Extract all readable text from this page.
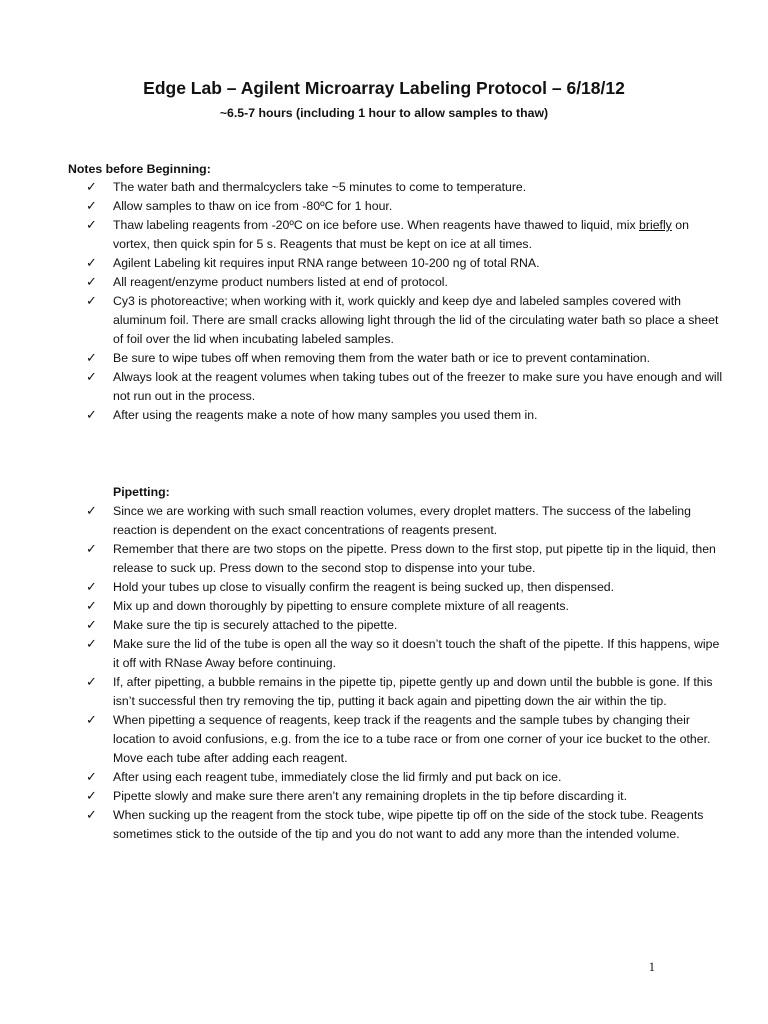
Edge Lab – Agilent Microarray Labeling Protocol – 6/18/12

~6.5-7 hours (including 1 hour to allow samples to thaw)

Notes before Beginning:

✓ The water bath and thermalcyclers take ~5 minutes to come to temperature.
✓ Allow samples to thaw on ice from -80ºC for 1 hour.
✓ Thaw labeling reagents from -20ºC on ice before use. When reagents have thawed to liquid, mix briefly on vortex, then quick spin for 5 s. Reagents that must be kept on ice at all times.
✓ Agilent Labeling kit requires input RNA range between 10-200 ng of total RNA.
✓ All reagent/enzyme product numbers listed at end of protocol.
✓ Cy3 is photoreactive; when working with it, work quickly and keep dye and labeled samples covered with aluminum foil. There are small cracks allowing light through the lid of the circulating water bath so place a sheet of foil over the lid when incubating labeled samples.
✓ Be sure to wipe tubes off when removing them from the water bath or ice to prevent contamination.
✓ Always look at the reagent volumes when taking tubes out of the freezer to make sure you have enough and will not run out in the process.
✓ After using the reagents make a note of how many samples you used them in.

Pipetting:

✓ Since we are working with such small reaction volumes, every droplet matters. The success of the labeling reaction is dependent on the exact concentrations of reagents present.
✓ Remember that there are two stops on the pipette. Press down to the first stop, put pipette tip in the liquid, then release to suck up. Press down to the second stop to dispense into your tube.
✓ Hold your tubes up close to visually confirm the reagent is being sucked up, then dispensed.
✓ Mix up and down thoroughly by pipetting to ensure complete mixture of all reagents.
✓ Make sure the tip is securely attached to the pipette.
✓ Make sure the lid of the tube is open all the way so it doesn’t touch the shaft of the pipette. If this happens, wipe it off with RNase Away before continuing.
✓ If, after pipetting, a bubble remains in the pipette tip, pipette gently up and down until the bubble is gone. If this isn’t successful then try removing the tip, putting it back again and pipetting down the air within the tip.
✓ When pipetting a sequence of reagents, keep track if the reagents and the sample tubes by changing their location to avoid confusions, e.g. from the ice to a tube race or from one corner of your ice bucket to the other. Move each tube after adding each reagent.
✓ After using each reagent tube, immediately close the lid firmly and put back on ice.
✓ Pipette slowly and make sure there aren’t any remaining droplets in the tip before discarding it.
✓ When sucking up the reagent from the stock tube, wipe pipette tip off on the side of the stock tube. Reagents sometimes stick to the outside of the tip and you do not want to add any more than the intended volume.
1
